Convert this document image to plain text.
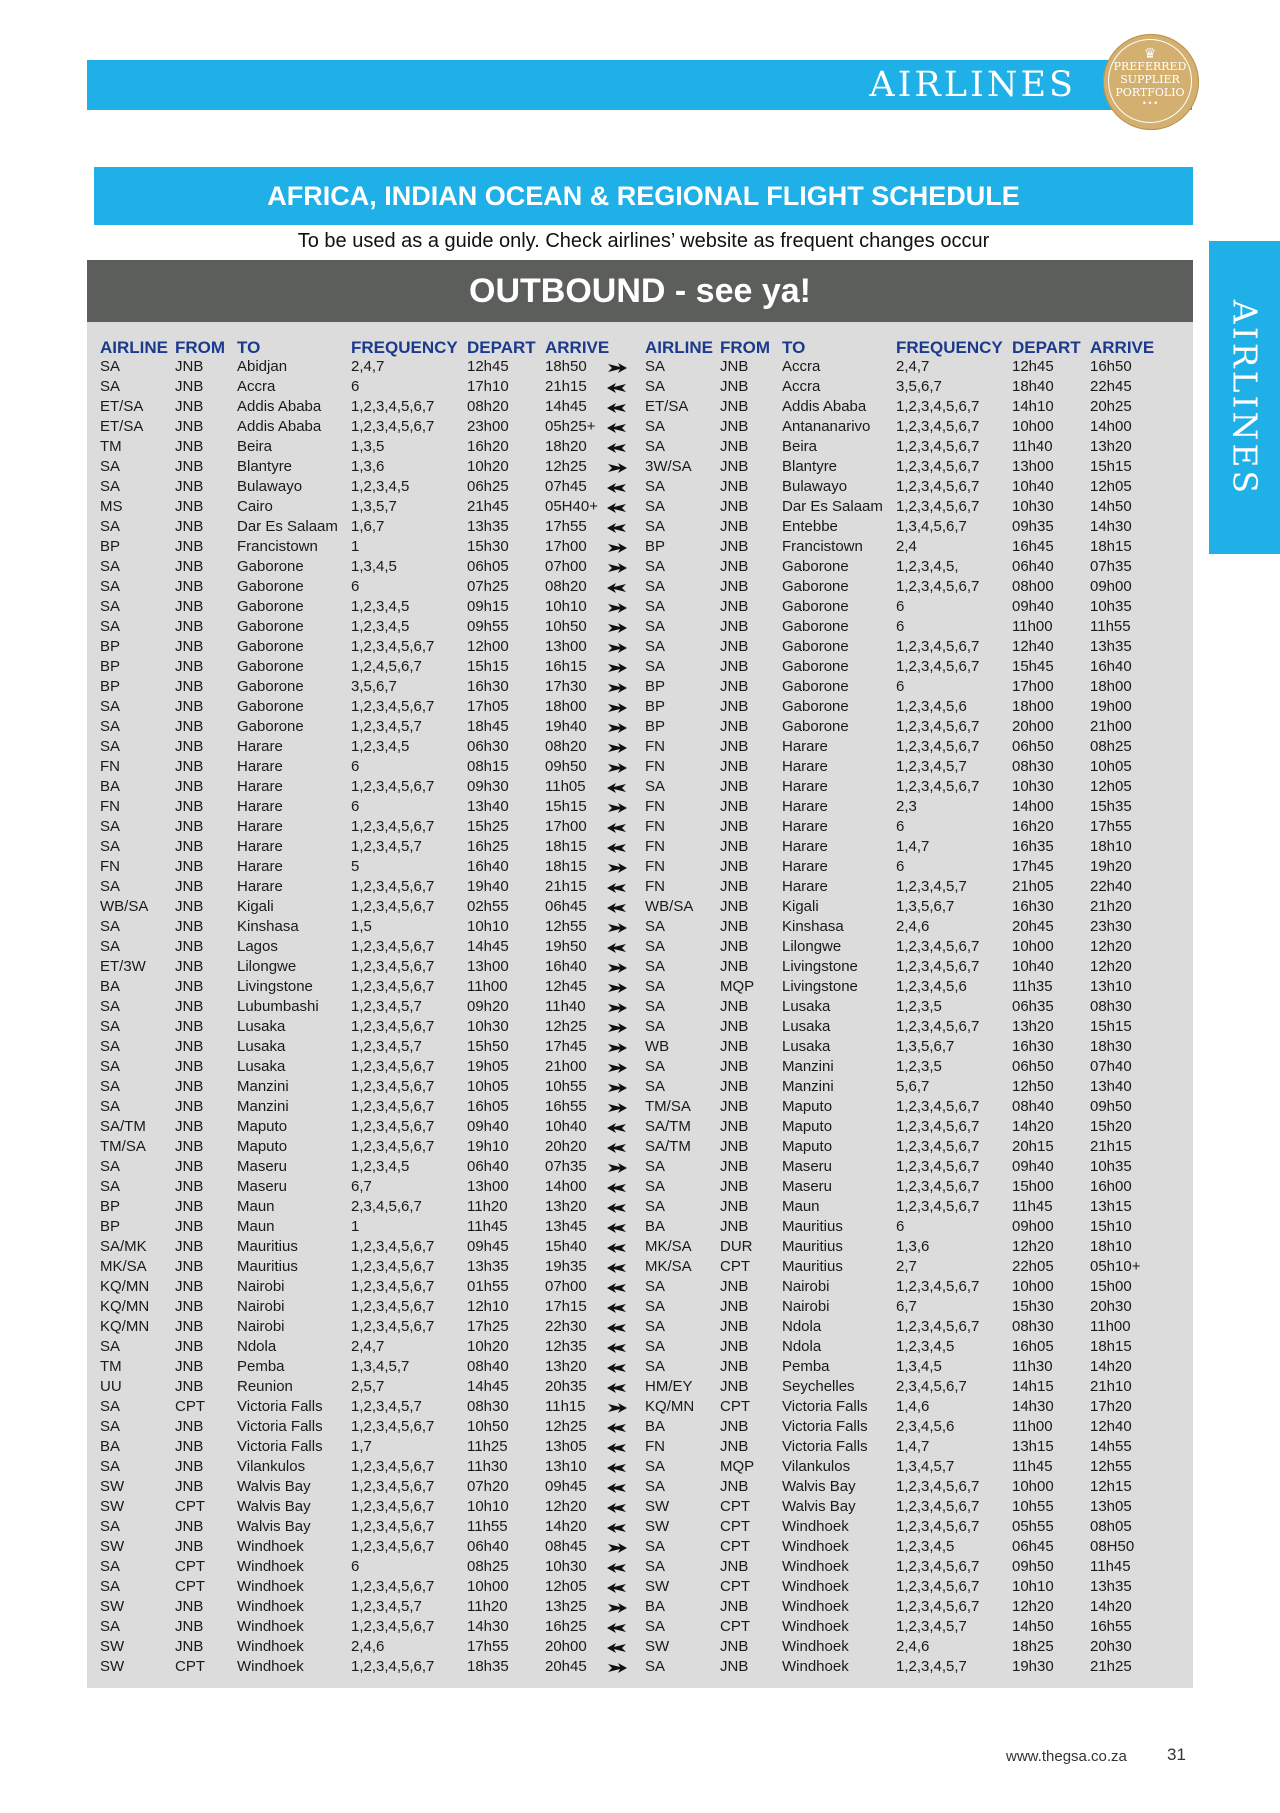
AIRLINES
♛
PREFERRED
SUPPLIER
PORTFOLIO
• • •
AIRLINES
AFRICA, INDIAN OCEAN & REGIONAL FLIGHT SCHEDULE
To be used as a guide only. Check airlines’ website as frequent changes occur
OUTBOUND - see ya!
AIRLINE FROM TO	FREQUENCY DEPART ARRIVE
SA	JNB Abidjan	2,4,7	12h45 18h50
SA	JNB Accra	6	17h10 21h15
ET/SA JNB Addis Ababa 1,2,3,4,5,6,7 08h20 14h45
ET/SA JNB Addis Ababa 1,2,3,4,5,6,7 23h00 05h25+
TM	JNB Beira	1,3,5	16h20 18h20
SA	JNB Blantyre	1,3,6	10h20 12h25
SA	JNB Bulawayo	1,2,3,4,5	06h25 07h45
MS	JNB Cairo	1,3,5,7	21h45 05H40+
SA	JNB Dar Es Salaam 1,6,7	13h35 17h55
BP	JNB Francistown 1	15h30 17h00
SA	JNB Gaborone	1,3,4,5	06h05 07h00
SA	JNB Gaborone	6	07h25 08h20
SA	JNB Gaborone	1,2,3,4,5	09h15 10h10
SA	JNB Gaborone	1,2,3,4,5	09h55 10h50
BP	JNB Gaborone	1,2,3,4,5,6,7 12h00 13h00
BP	JNB Gaborone	1,2,4,5,6,7	15h15 16h15
BP	JNB Gaborone	3,5,6,7	16h30 17h30
SA	JNB Gaborone	1,2,3,4,5,6,7 17h05 18h00
SA	JNB Gaborone	1,2,3,4,5,7	18h45 19h40
SA	JNB Harare	1,2,3,4,5	06h30 08h20
FN	JNB Harare	6	08h15 09h50
BA	JNB Harare	1,2,3,4,5,6,7 09h30 11h05
FN	JNB Harare	6	13h40 15h15
SA	JNB Harare	1,2,3,4,5,6,7 15h25 17h00
SA	JNB Harare	1,2,3,4,5,7	16h25 18h15
FN	JNB Harare	5	16h40 18h15
SA	JNB Harare	1,2,3,4,5,6,7 19h40 21h15
WB/SA JNB Kigali	1,2,3,4,5,6,7 02h55 06h45
SA	JNB Kinshasa	1,5	10h10 12h55
SA	JNB Lagos	1,2,3,4,5,6,7 14h45 19h50
ET/3W JNB Lilongwe	1,2,3,4,5,6,7 13h00 16h40
BA	JNB Livingstone	1,2,3,4,5,6,7 11h00 12h45
SA	JNB Lubumbashi 1,2,3,4,5,7	09h20 11h40
SA	JNB Lusaka	1,2,3,4,5,6,7 10h30 12h25
SA	JNB Lusaka	1,2,3,4,5,7	15h50 17h45
SA	JNB Lusaka	1,2,3,4,5,6,7 19h05 21h00
SA	JNB Manzini	1,2,3,4,5,6,7 10h05 10h55
SA	JNB Manzini	1,2,3,4,5,6,7 16h05 16h55
SA/TM JNB Maputo	1,2,3,4,5,6,7 09h40 10h40
TM/SA JNB Maputo	1,2,3,4,5,6,7 19h10 20h20
SA	JNB Maseru	1,2,3,4,5	06h40 07h35
SA	JNB Maseru	6,7	13h00 14h00
BP	JNB Maun	2,3,4,5,6,7	11h20 13h20
BP	JNB Maun	1	11h45 13h45
SA/MK JNB Mauritius	1,2,3,4,5,6,7 09h45 15h40
MK/SA JNB Mauritius	1,2,3,4,5,6,7 13h35 19h35
KQ/MN JNB Nairobi	1,2,3,4,5,6,7 01h55 07h00
KQ/MN JNB Nairobi	1,2,3,4,5,6,7 12h10 17h15
KQ/MN JNB Nairobi	1,2,3,4,5,6,7 17h25 22h30
SA	JNB Ndola	2,4,7	10h20 12h35
TM	JNB Pemba	1,3,4,5,7	08h40 13h20
UU	JNB Reunion	2,5,7	14h45 20h35
SA	CPT Victoria Falls 1,2,3,4,5,7	08h30 11h15
SA	JNB Victoria Falls 1,2,3,4,5,6,7 10h50 12h25
BA	JNB Victoria Falls 1,7	11h25 13h05
SA	JNB Vilankulos	1,2,3,4,5,6,7 11h30 13h10
SW	JNB Walvis Bay	1,2,3,4,5,6,7 07h20 09h45
SW	CPT Walvis Bay	1,2,3,4,5,6,7 10h10 12h20
SA	JNB Walvis Bay	1,2,3,4,5,6,7 11h55 14h20
SW	JNB Windhoek	1,2,3,4,5,6,7 06h40 08h45
SA	CPT Windhoek	6	08h25 10h30
SA	CPT Windhoek	1,2,3,4,5,6,7 10h00 12h05
SW	JNB Windhoek	1,2,3,4,5,7	11h20 13h25
SA	JNB Windhoek	1,2,3,4,5,6,7 14h30 16h25
SW	JNB Windhoek	2,4,6	17h55 20h00
SW	CPT Windhoek	1,2,3,4,5,6,7 18h35 20h45
AIRLINE FROM TO	FREQUENCY DEPART ARRIVE
SA	JNB Accra	2,4,7	12h45 16h50
SA	JNB Accra	3,5,6,7	18h40 22h45
ET/SA JNB Addis Ababa 1,2,3,4,5,6,7 14h10 20h25
SA	JNB Antananarivo 1,2,3,4,5,6,7 10h00 14h00
SA	JNB Beira	1,2,3,4,5,6,7 11h40 13h20
3W/SA JNB Blantyre	1,2,3,4,5,6,7 13h00 15h15
SA	JNB Bulawayo	1,2,3,4,5,6,7 10h40 12h05
SA	JNB Dar Es Salaam 1,2,3,4,5,6,7 10h30 14h50
SA	JNB Entebbe	1,3,4,5,6,7	09h35 14h30
BP	JNB Francistown 2,4	16h45 18h15
SA	JNB Gaborone	1,2,3,4,5,	06h40 07h35
SA	JNB Gaborone	1,2,3,4,5,6,7 08h00 09h00
SA	JNB Gaborone	6	09h40 10h35
SA	JNB Gaborone	6	11h00 11h55
SA	JNB Gaborone	1,2,3,4,5,6,7 12h40 13h35
SA	JNB Gaborone	1,2,3,4,5,6,7 15h45 16h40
BP	JNB Gaborone	6	17h00 18h00
BP	JNB Gaborone	1,2,3,4,5,6	18h00 19h00
BP	JNB Gaborone	1,2,3,4,5,6,7 20h00 21h00
FN	JNB Harare	1,2,3,4,5,6,7 06h50 08h25
FN	JNB Harare	1,2,3,4,5,7	08h30 10h05
SA	JNB Harare	1,2,3,4,5,6,7 10h30 12h05
FN	JNB Harare	2,3	14h00 15h35
FN	JNB Harare	6	16h20 17h55
FN	JNB Harare	1,4,7	16h35 18h10
FN	JNB Harare	6	17h45 19h20
FN	JNB Harare	1,2,3,4,5,7	21h05 22h40
WB/SA JNB Kigali	1,3,5,6,7	16h30 21h20
SA	JNB Kinshasa	2,4,6	20h45 23h30
SA	JNB Lilongwe	1,2,3,4,5,6,7 10h00 12h20
SA	JNB Livingstone	1,2,3,4,5,6,7 10h40 12h20
SA	MQP Livingstone	1,2,3,4,5,6	11h35 13h10
SA	JNB Lusaka	1,2,3,5	06h35 08h30
SA	JNB Lusaka	1,2,3,4,5,6,7 13h20 15h15
WB	JNB Lusaka	1,3,5,6,7	16h30 18h30
SA	JNB Manzini	1,2,3,5	06h50 07h40
SA	JNB Manzini	5,6,7	12h50 13h40
TM/SA JNB Maputo	1,2,3,4,5,6,7 08h40 09h50
SA/TM JNB Maputo	1,2,3,4,5,6,7 14h20 15h20
SA/TM JNB Maputo	1,2,3,4,5,6,7 20h15 21h15
SA	JNB Maseru	1,2,3,4,5,6,7 09h40 10h35
SA	JNB Maseru	1,2,3,4,5,6,7 15h00 16h00
SA	JNB Maun	1,2,3,4,5,6,7 11h45 13h15
BA	JNB Mauritius	6	09h00 15h10
MK/SA DUR Mauritius	1,3,6	12h20 18h10
MK/SA CPT Mauritius	2,7	22h05 05h10+
SA	JNB Nairobi	1,2,3,4,5,6,7 10h00 15h00
SA	JNB Nairobi	6,7	15h30 20h30
SA	JNB Ndola	1,2,3,4,5,6,7 08h30 11h00
SA	JNB Ndola	1,2,3,4,5	16h05 18h15
SA	JNB Pemba	1,3,4,5	11h30 14h20
HM/EY JNB Seychelles	2,3,4,5,6,7	14h15 21h10
KQ/MN CPT Victoria Falls 1,4,6	14h30 17h20
BA	JNB Victoria Falls 2,3,4,5,6	11h00 12h40
FN	JNB Victoria Falls 1,4,7	13h15 14h55
SA	MQP Vilankulos	1,3,4,5,7	11h45 12h55
SA	JNB Walvis Bay	1,2,3,4,5,6,7 10h00 12h15
SW	CPT Walvis Bay	1,2,3,4,5,6,7 10h55 13h05
SW	CPT Windhoek	1,2,3,4,5,6,7 05h55 08h05
SA	CPT Windhoek	1,2,3,4,5	06h45 08H50
SA	JNB Windhoek	1,2,3,4,5,6,7 09h50 11h45
SW	CPT Windhoek	1,2,3,4,5,6,7 10h10 13h35
BA	JNB Windhoek	1,2,3,4,5,6,7 12h20 14h20
SA	CPT Windhoek	1,2,3,4,5,7	14h50 16h55
SW	JNB Windhoek	2,4,6	18h25 20h30
SA	JNB Windhoek	1,2,3,4,5,7	19h30 21h25
www.thegsa.co.za 31
